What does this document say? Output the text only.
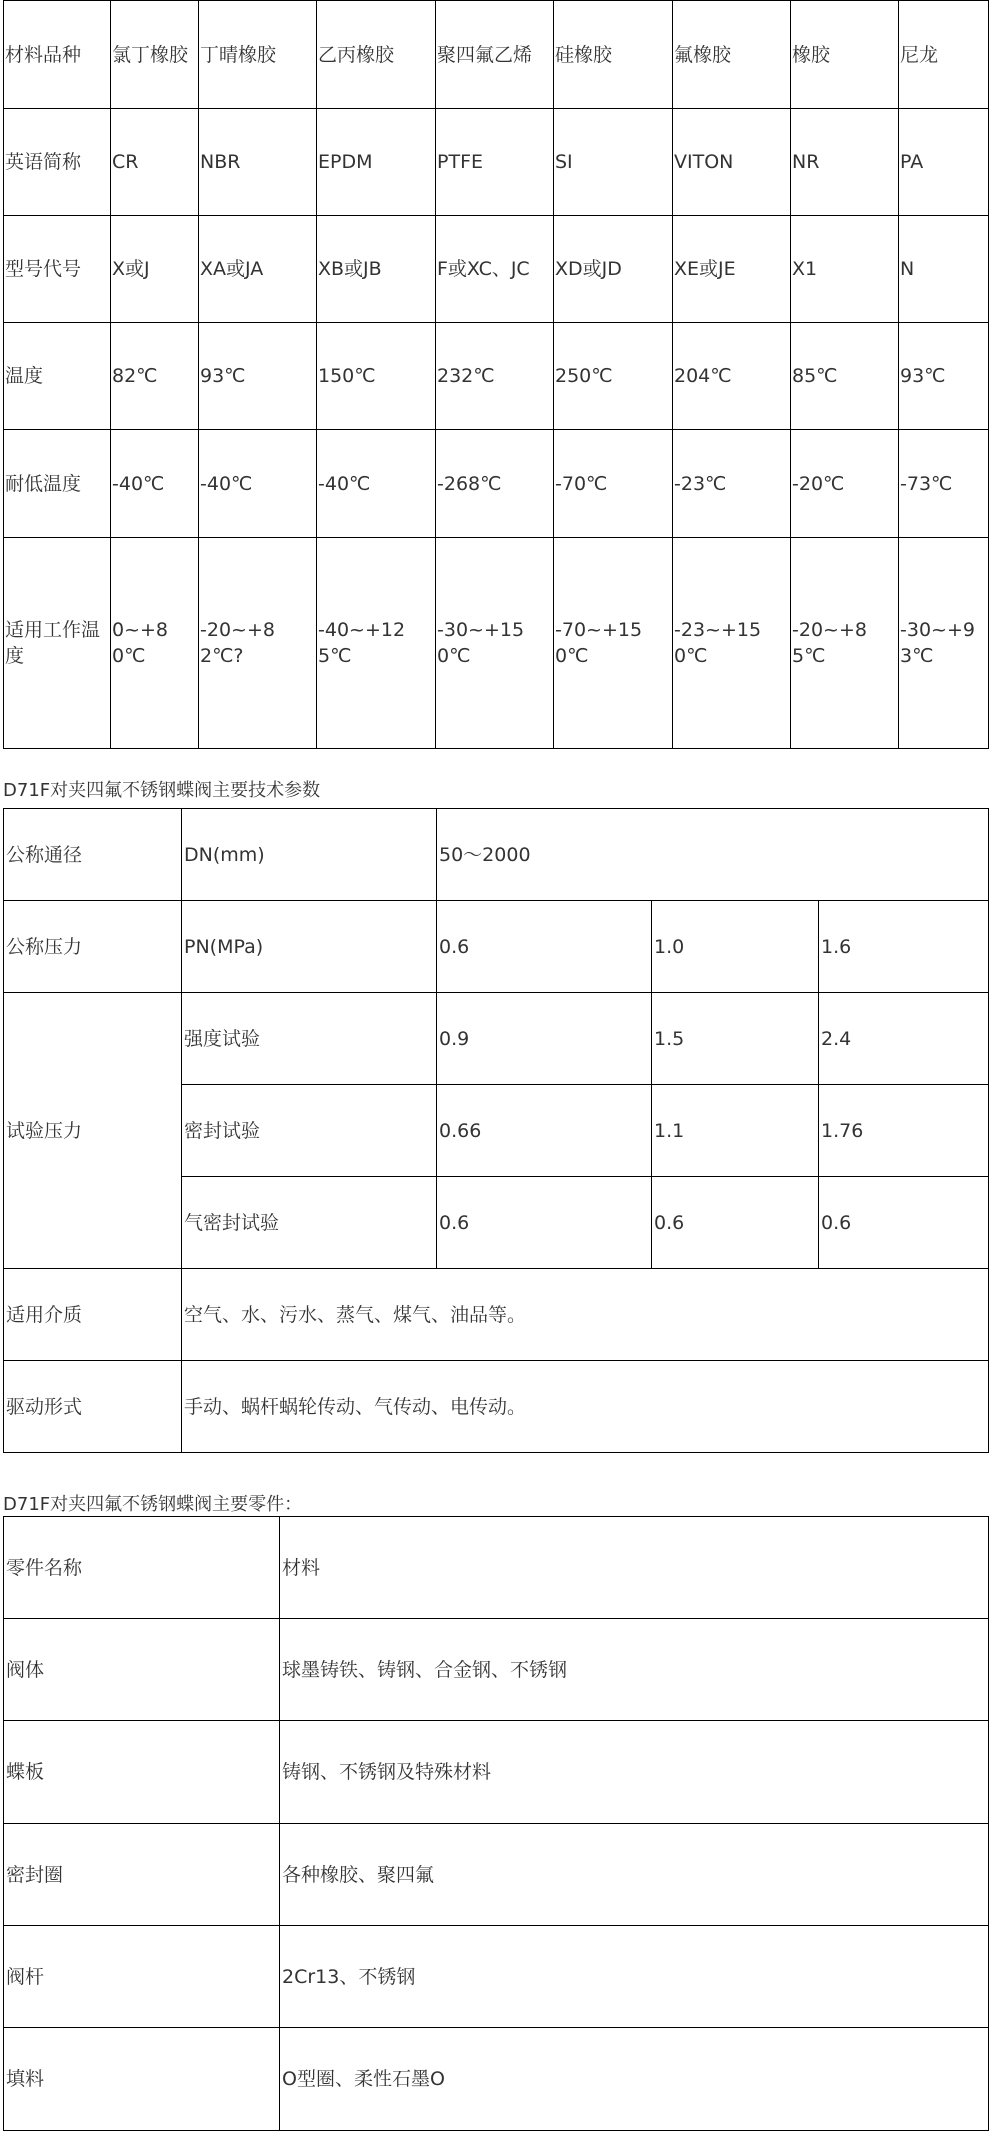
材料品种	氯丁橡胶	丁晴橡胶	乙丙橡胶	聚四氟乙烯	硅橡胶	氟橡胶	橡胶	尼龙
英语简称	CR	NBR	EPDM	PTFE	SI	VITON	NR	PA
型号代号	X或J	XA或JA	XB或JB	F或XC、JC	XD或JD	XE或JE	X1	N
温度	82℃	93℃	150℃	232℃	250℃	204℃	85℃	93℃
耐低温度	-40℃	-40℃	-40℃	-268℃	-70℃	-23℃	-20℃	-73℃
适用工作温度	0~+80℃	-20~+82℃?	-40~+125℃	-30~+150℃	-70~+150℃	-23~+150℃	-20~+85℃	-30~+93℃
D71F对夹四氟不锈钢蝶阀主要技术参数
公称通径	DN(mm)	50～2000		
公称压力	PN(MPa)	0.6	1.0	1.6
试验压力	强度试验	0.9	1.5	2.4
	密封试验	0.66	1.1	1.76
	气密封试验	0.6	0.6	0.6
适用介质	空气、水、污水、蒸气、煤气、油品等。			
驱动形式	手动、蜗杆蜗轮传动、气传动、电传动。			
D71F对夹四氟不锈钢蝶阀主要零件：
零件名称	材料
阀体	球墨铸铁、铸钢、合金钢、不锈钢
蝶板	铸钢、不锈钢及特殊材料
密封圈	各种橡胶、聚四氟
阀杆	2Cr13、不锈钢
填料	O型圈、柔性石墨O
